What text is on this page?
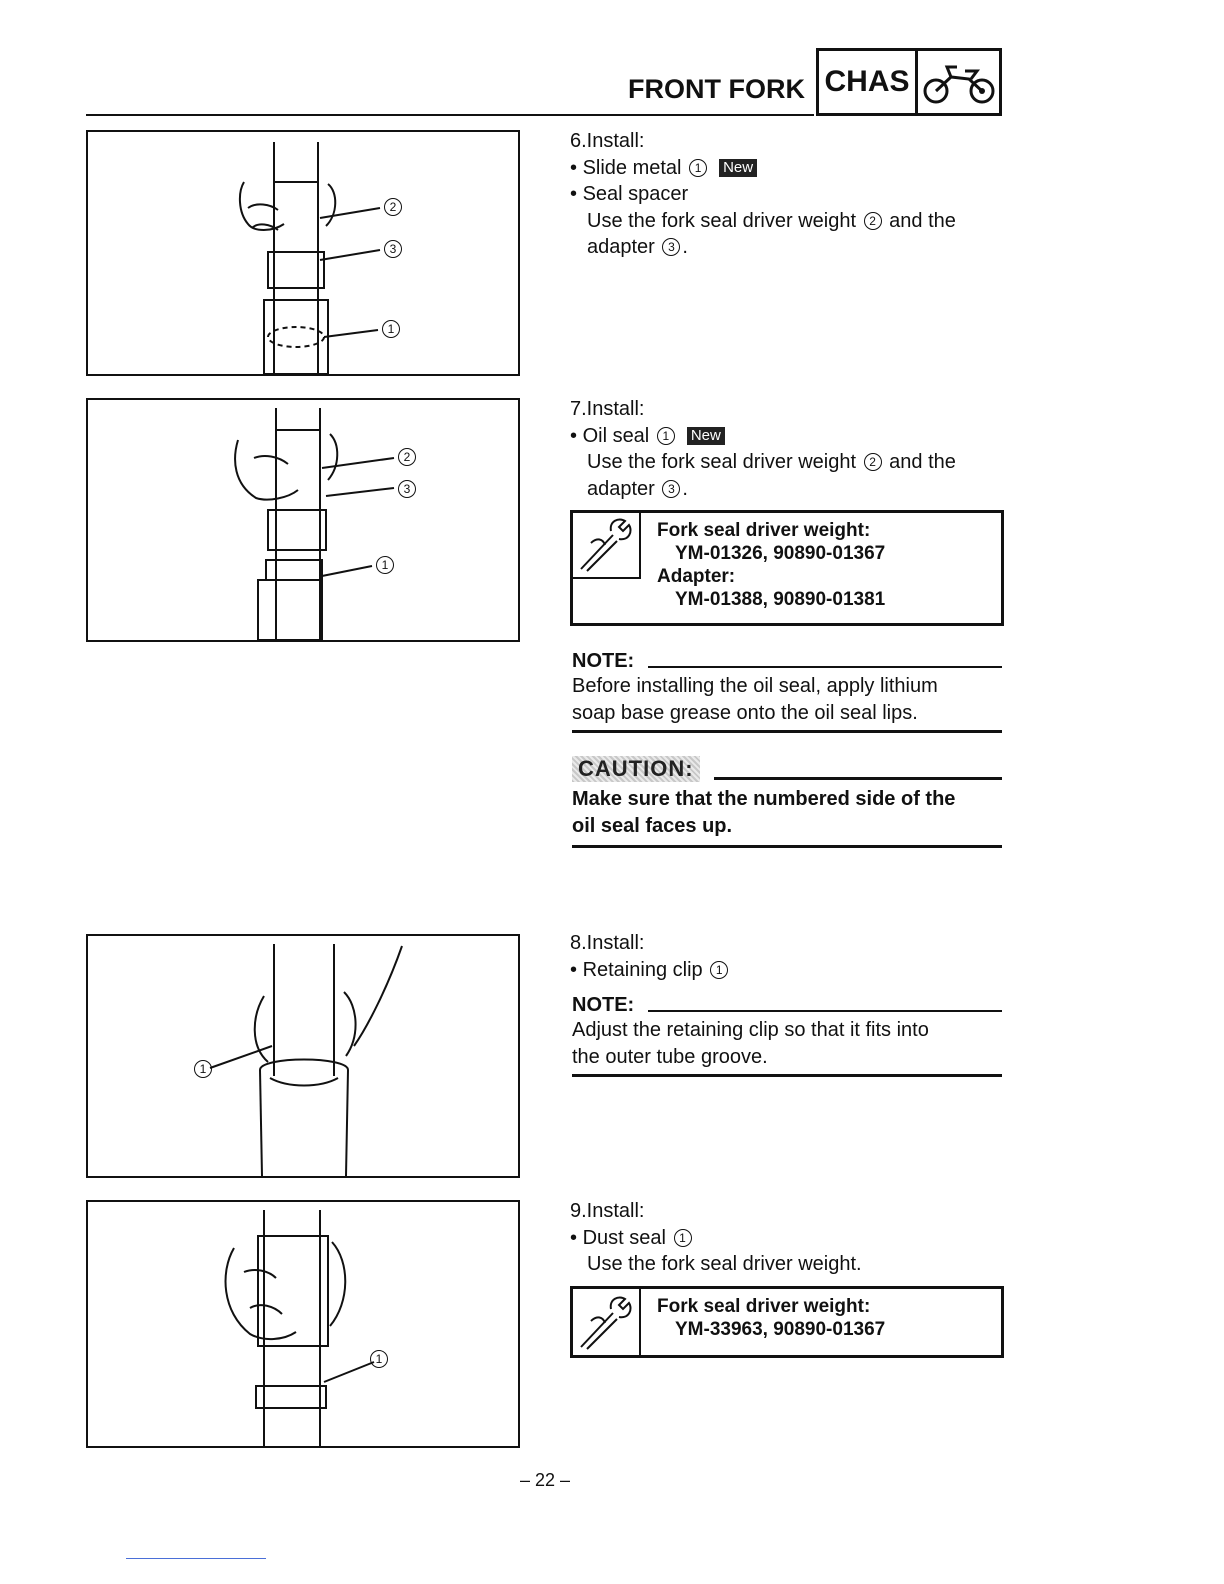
FRONT FORK CHAS
2
3
1

6.Install:

• Slide metal 1 New

• Seal spacer

Use the fork seal driver weight 2 and the

adapter 3 .

2
3
1

7.Install:

• Oil seal 1 New

Use the fork seal driver weight 2 and the

adapter 3 .

Fork seal driver weight:
YM-01326, 90890-01367
Adapter:
YM-01388, 90890-01381
NOTE:

Before installing the oil seal, apply lithium

soap base grease onto the oil seal lips.

CAUTION:

Make sure that the numbered side of the

oil seal faces up.

1

8.Install:

• Retaining clip 1

NOTE:

Adjust the retaining clip so that it fits into

the outer tube groove.

1

9.Install:

• Dust seal 1

Use the fork seal driver weight.

Fork seal driver weight:
YM-33963, 90890-01367
– 22 –
